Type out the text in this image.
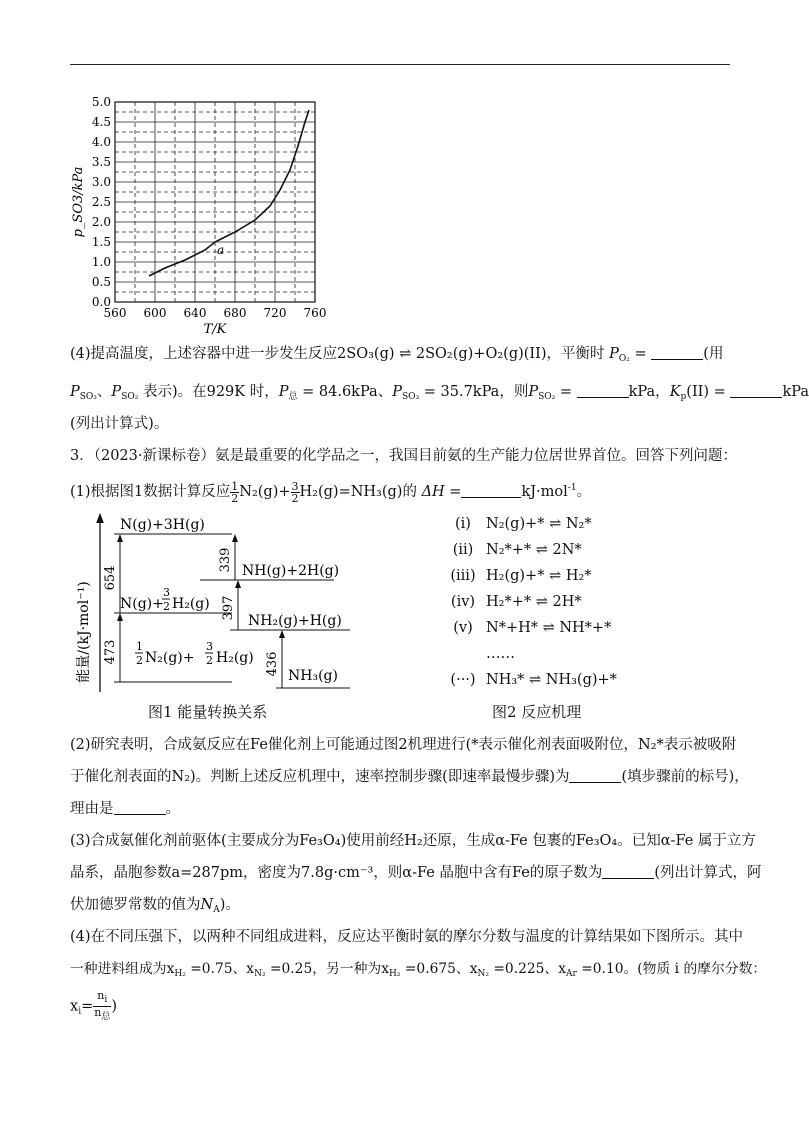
560 600 640 680 720 760
0.0
0.5
1.0
1.5
2.0
2.5
3.0
3.5
4.0
4.5
5.0
T/K
p_SO3/kPa
a
(4)提高温度，上述容器中进一步发生反应2SO₃(g) ⇌ 2SO₂(g)+O₂(g)(II)，平衡时 $P_{O_2}$ =	(用
$P_{SO_3}$、$P_{SO_2}$ 表示)。在929K 时，$P_总 = 84.6kPa$、$P_{SO_3} = 35.7kPa$，则$P_{SO_2}$ =	kPa，$K_p(II)$ =	kPa
(列出计算式)。
3．（2023·新课标卷）氨是最重要的化学品之一，我国目前氨的生产能力位居世界首位。回答下列问题：
(1)根据图1数据计算反应 $\frac{1}{2} N_2(g)+ \frac{3}{2} H_2(g)=NH_3(g)$的 ΔH =	kJ·mol$^{-1}$。
能量/(kJ·mol⁻¹)
N(g)+3H(g)
N(g)+
3
2 H₂(g)
1
2 N₂(g)+
3
2 H₂(g)
NH(g)+2H(g)
NH₂(g)+H(g)
NH₃(g)
654
473
339
397
436
图1 能量转换关系
(i) N₂(g)+* ⇌ N₂*
(ii) N₂*+* ⇌ 2N*
(iii) H₂(g)+* ⇌ H₂*
(iv) H₂*+* ⇌ 2H*
(v) N*+H* ⇌ NH*+*
……
(···) NH₃* ⇌ NH₃(g)+*
图2 反应机理
(2)研究表明，合成氨反应在Fe催化剂上可能通过图2机理进行(*表示催化剂表面吸附位，N₂*表示被吸附
于催化剂表面的N₂)。判断上述反应机理中，速率控制步骤(即速率最慢步骤)为	(填步骤前的标号)，
理由是	。
(3)合成氨催化剂前驱体(主要成分为Fe₃O₄)使用前经H₂还原，生成α-Fe 包裹的Fe₃O₄。已知α-Fe 属于立方
晶系，晶胞参数a=287pm，密度为7.8g·cm⁻³，则α-Fe 晶胞中含有Fe的原子数为	(列出计算式，阿
伏加德罗常数的值为$N_A$)。
(4)在不同压强下，以两种不同组成进料，反应达平衡时氨的摩尔分数与温度的计算结果如下图所示。其中
一种进料组成为$x_{H_2} =0.75$、$x_{N_2} =0.25$，另一种为$x_{H_2} =0.675$、$x_{N_2} =0.225$、$x_{Ar} =0.10$。(物质 i 的摩尔分数：
$x_i= \frac{n_i}{n_总}$ )
